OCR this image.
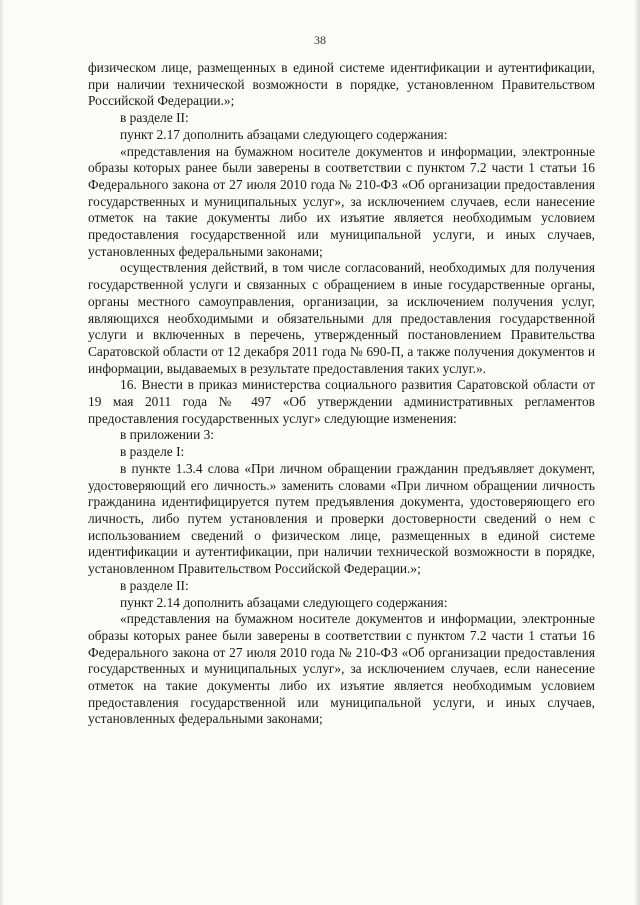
38

физическом лице, размещенных в единой системе идентификации и аутентификации, при наличии технической возможности в порядке, установленном Правительством Российской Федерации.»;

в разделе II:

пункт 2.17 дополнить абзацами следующего содержания:

«представления на бумажном носителе документов и информации, электронные образы которых ранее были заверены в соответствии с пунктом 7.2 части 1 статьи 16 Федерального закона от 27 июля 2010 года № 210-ФЗ «Об организации предоставления государственных и муниципальных услуг», за исключением случаев, если нанесение отметок на такие документы либо их изъятие является необходимым условием предоставления государственной или муниципальной услуги, и иных случаев, установленных федеральными законами;

осуществления действий, в том числе согласований, необходимых для получения государственной услуги и связанных с обращением в иные государственные органы, органы местного самоуправления, организации, за исключением получения услуг, являющихся необходимыми и обязательными для предоставления государственной услуги и включенных в перечень, утвержденный постановлением Правительства Саратовской области от 12 декабря 2011 года № 690-П, а также получения документов и информации, выдаваемых в результате предоставления таких услуг.».

16. Внести в приказ министерства социального развития Саратовской области от 19 мая 2011 года № 497 «Об утверждении административных регламентов предоставления государственных услуг» следующие изменения:

в приложении 3:

в разделе I:

в пункте 1.3.4 слова «При личном обращении гражданин предъявляет документ, удостоверяющий его личность.» заменить словами «При личном обращении личность гражданина идентифицируется путем предъявления документа, удостоверяющего его личность, либо путем установления и проверки достоверности сведений о нем с использованием сведений о физическом лице, размещенных в единой системе идентификации и аутентификации, при наличии технической возможности в порядке, установленном Правительством Российской Федерации.»;

в разделе II:

пункт 2.14 дополнить абзацами следующего содержания:

«представления на бумажном носителе документов и информации, электронные образы которых ранее были заверены в соответствии с пунктом 7.2 части 1 статьи 16 Федерального закона от 27 июля 2010 года № 210-ФЗ «Об организации предоставления государственных и муниципальных услуг», за исключением случаев, если нанесение отметок на такие документы либо их изъятие является необходимым условием предоставления государственной или муниципальной услуги, и иных случаев, установленных федеральными законами;
